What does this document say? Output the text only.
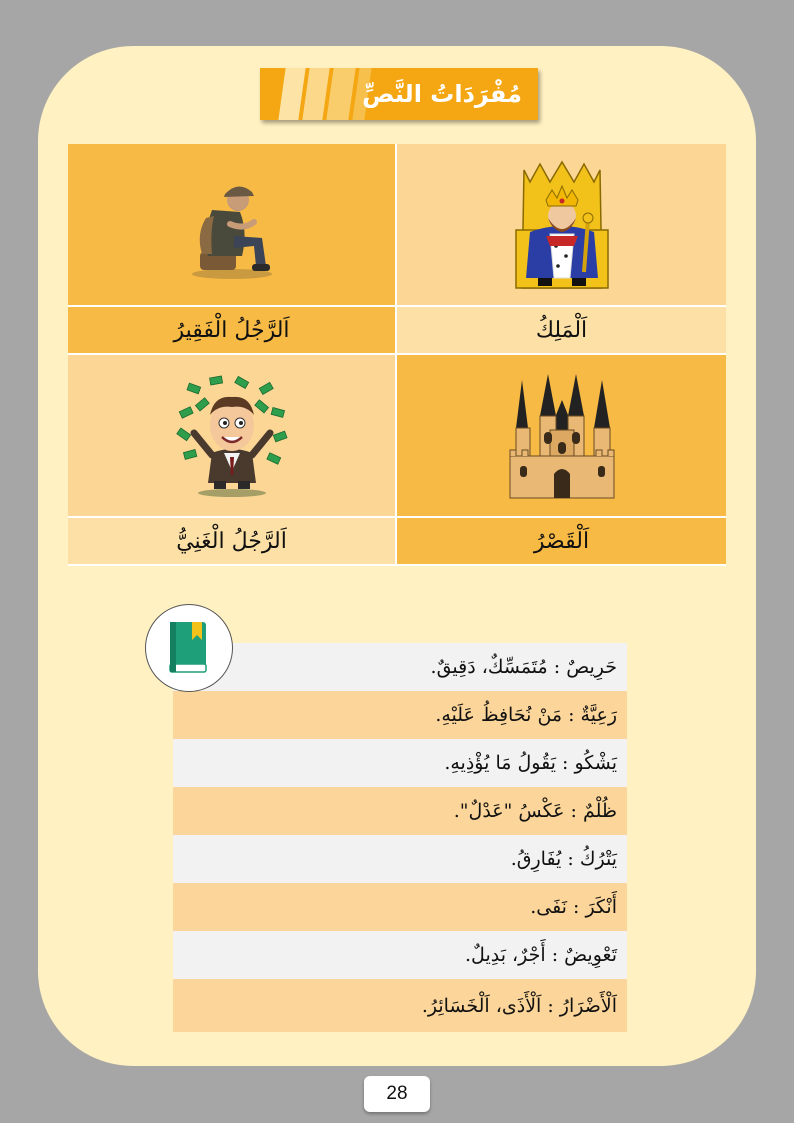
مُفْرَدَاتُ النَّصِّ
اَلرَّجُلُ الْفَقِيرُ	اَلْمَلِكُ
اَلرَّجُلُ الْغَنِيُّ	اَلْقَصْرُ
حَرِيصٌ : مُتَمَسِّكٌ، دَقِيقٌ.
رَعِيَّةٌ : مَنْ نُحَافِظُ عَلَيْهِ.
يَشْكُو : يَقُولُ مَا يُؤْذِيهِ.
ظُلْمٌ : عَكْسُ "عَدْلٌ".
يَتْرُكُ : يُفَارِقُ.
أَنْكَرَ : نَفَى.
تَعْوِيضٌ : أَجْرٌ، بَدِيلٌ.
اَلْأَضْرَارُ : اَلْأَذَى، اَلْخَسَائِرُ.
28
